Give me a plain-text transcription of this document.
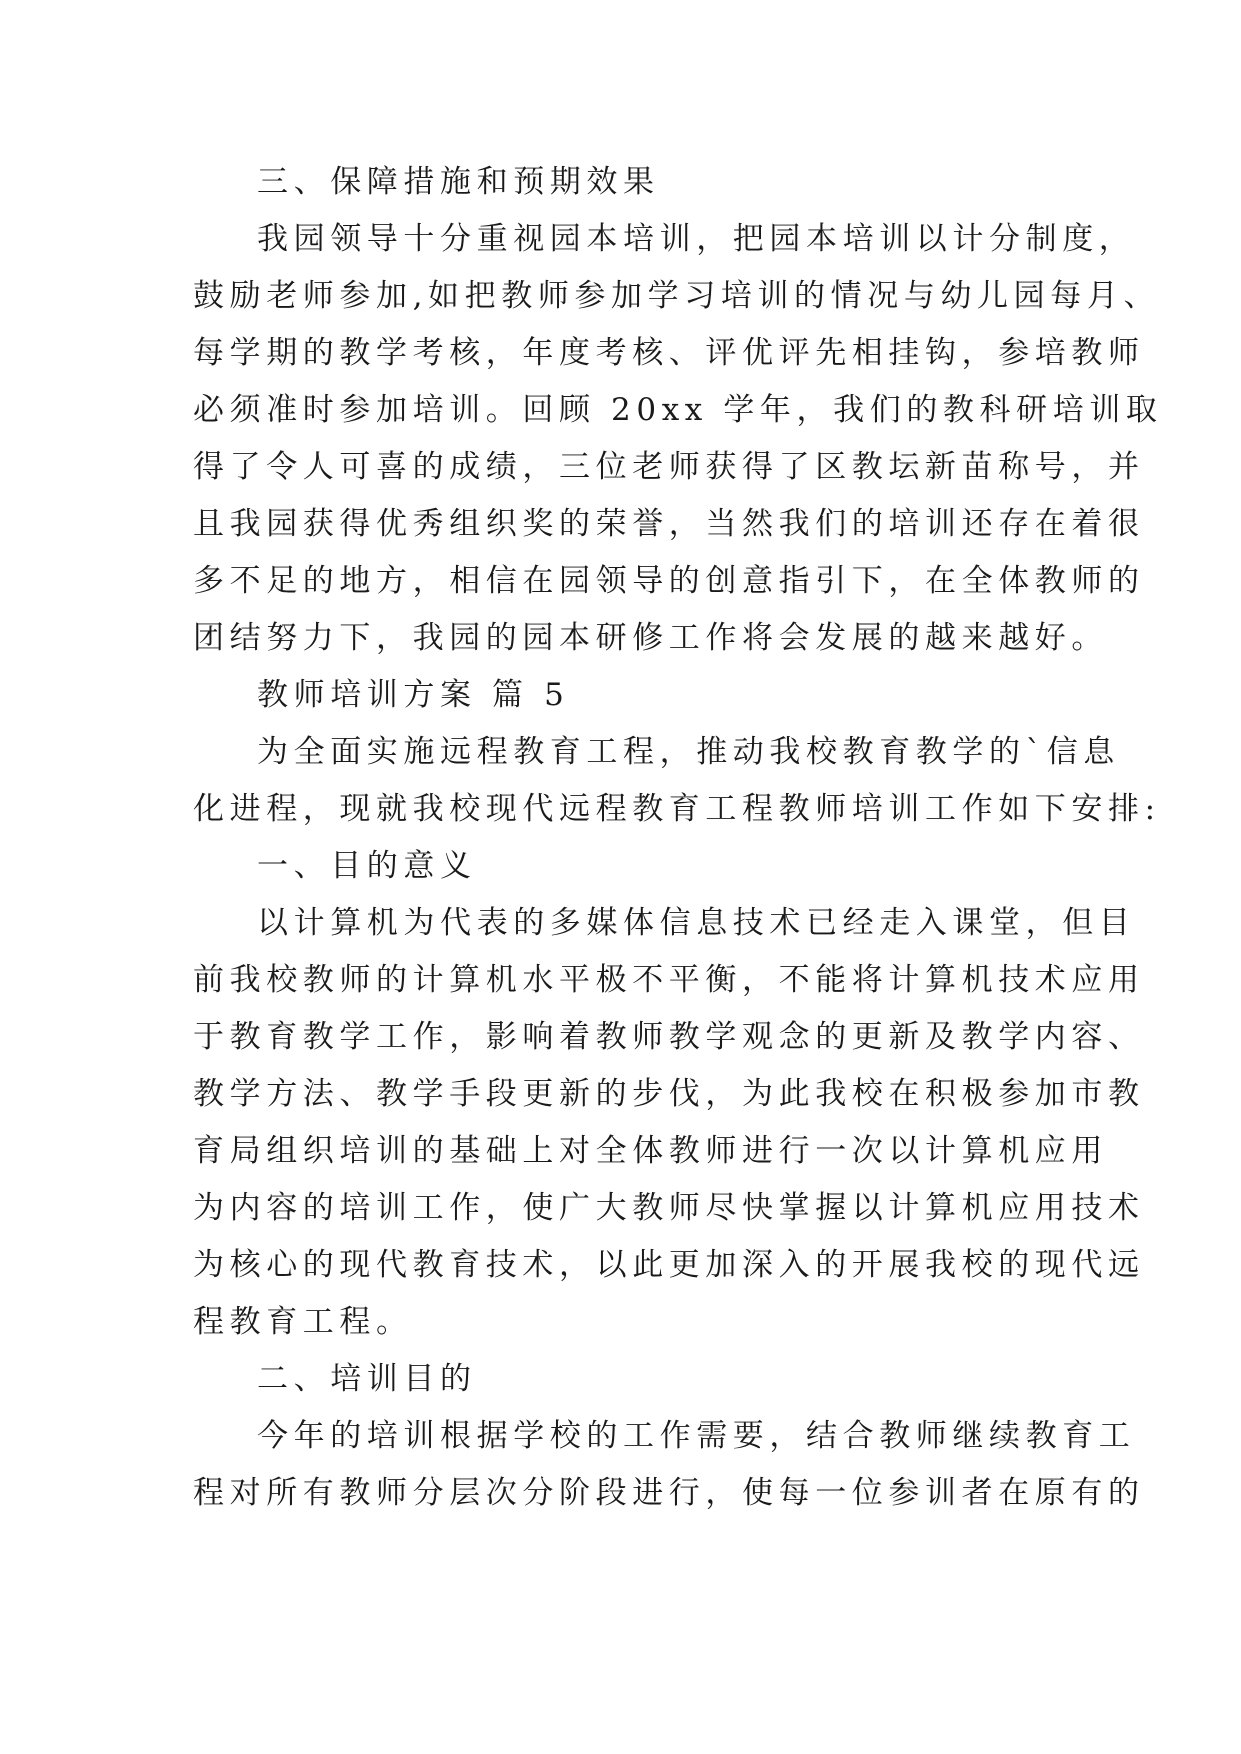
三、保障措施和预期效果
我园领导十分重视园本培训，把园本培训以计分制度，
鼓励老师参加,如把教师参加学习培训的情况与幼儿园每月、
每学期的教学考核，年度考核、评优评先相挂钩，参培教师
必须准时参加培训。回顾 20xx 学年，我们的教科研培训取
得了令人可喜的成绩，三位老师获得了区教坛新苗称号，并
且我园获得优秀组织奖的荣誉，当然我们的培训还存在着很
多不足的地方，相信在园领导的创意指引下，在全体教师的
团结努力下，我园的园本研修工作将会发展的越来越好。
教师培训方案 篇 5
为全面实施远程教育工程，推动我校教育教学的`信息
化进程，现就我校现代远程教育工程教师培训工作如下安排:
一、目的意义
以计算机为代表的多媒体信息技术已经走入课堂，但目
前我校教师的计算机水平极不平衡，不能将计算机技术应用
于教育教学工作，影响着教师教学观念的更新及教学内容、
教学方法、教学手段更新的步伐，为此我校在积极参加市教
育局组织培训的基础上对全体教师进行一次以计算机应用
为内容的培训工作，使广大教师尽快掌握以计算机应用技术
为核心的现代教育技术，以此更加深入的开展我校的现代远
程教育工程。
二、培训目的
今年的培训根据学校的工作需要，结合教师继续教育工
程对所有教师分层次分阶段进行，使每一位参训者在原有的
